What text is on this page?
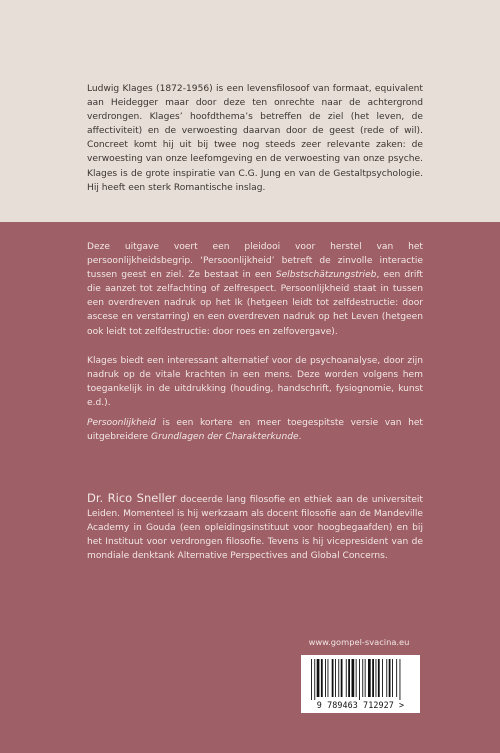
Ludwig Klages (1872-1956) is een levensfilosoof van formaat, equivalent aan Heidegger maar door deze ten onrechte naar de achtergrond verdrongen. Klages’ hoofdthema’s betreffen de ziel (het leven, de affectiviteit) en de verwoesting daarvan door de geest (rede of wil). Concreet komt hij uit bij twee nog steeds zeer relevante zaken: de verwoesting van onze leefomgeving en de verwoesting van onze psyche. Klages is de grote inspiratie van C.G. Jung en van de Gestaltpsychologie. Hij heeft een sterk Romantische inslag.

Deze uitgave voert een pleidooi voor herstel van het persoonlijkheidsbegrip. ‘Persoonlijkheid’ betreft de zinvolle interactie tussen geest en ziel. Ze bestaat in een Selbstschätzungstrieb, een drift die aanzet tot zelfachting of zelfrespect. Persoonlijkheid staat in tussen een overdreven nadruk op het Ik (hetgeen leidt tot zelfdestructie: door ascese en verstarring) en een overdreven nadruk op het Leven (hetgeen ook leidt tot zelfdestructie: door roes en zelfovergave).

Klages biedt een interessant alternatief voor de psychoanalyse, door zijn nadruk op de vitale krachten in een mens. Deze worden volgens hem toegankelijk in de uitdrukking (houding, handschrift, fysiognomie, kunst e.d.).

Persoonlijkheid is een kortere en meer toegespitste versie van het uitgebreidere Grundlagen der Charakterkunde.

Dr. Rico Sneller doceerde lang filosofie en ethiek aan de universiteit Leiden. Momenteel is hij werkzaam als docent filosofie aan de Mandeville Academy in Gouda (een opleidingsinstituut voor hoogbegaafden) en bij het Instituut voor verdrongen filosofie. Tevens is hij vicepresident van de mondiale denktank Alternative Perspectives and Global Concerns.

www.gompel-svacina.eu
9 789463 712927 >
